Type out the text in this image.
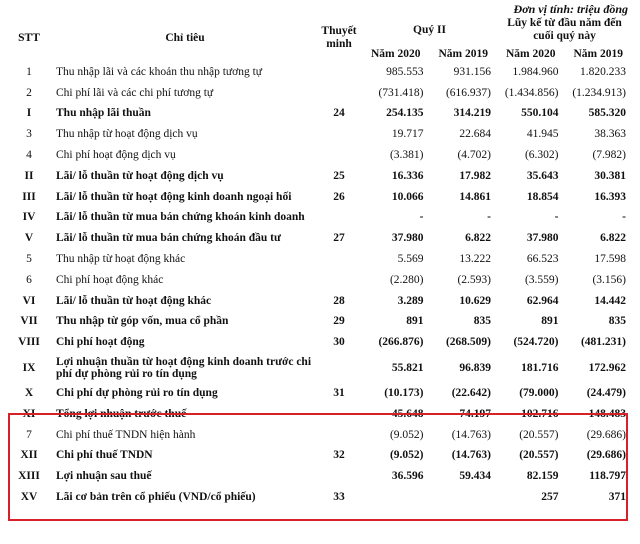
Đơn vị tính: triệu đồng
STT	Chỉ tiêu	Thuyết minh	Quý II		Lũy kế từ đầu năm đến cuối quý này	
			Năm 2020	Năm 2019	Năm 2020	Năm 2019
1	Thu nhập lãi và các khoản thu nhập tương tự		985.553	931.156	1.984.960	1.820.233
2	Chi phí lãi và các chi phí tương tự		(731.418)	(616.937)	(1.434.856)	(1.234.913)
I	Thu nhập lãi thuần	24	254.135	314.219	550.104	585.320
3	Thu nhập từ hoạt động dịch vụ		19.717	22.684	41.945	38.363
4	Chi phí hoạt động dịch vụ		(3.381)	(4.702)	(6.302)	(7.982)
II	Lãi/ lỗ thuần từ hoạt động dịch vụ	25	16.336	17.982	35.643	30.381
III	Lãi/ lỗ thuần từ hoạt động kinh doanh ngoại hối	26	10.066	14.861	18.854	16.393
IV	Lãi/ lỗ thuần từ mua bán chứng khoán kinh doanh		-	-	-	-
V	Lãi/ lỗ thuần từ mua bán chứng khoán đầu tư	27	37.980	6.822	37.980	6.822
5	Thu nhập từ hoạt động khác		5.569	13.222	66.523	17.598
6	Chi phí hoạt động khác		(2.280)	(2.593)	(3.559)	(3.156)
VI	Lãi/ lỗ thuần từ hoạt động khác	28	3.289	10.629	62.964	14.442
VII	Thu nhập từ góp vốn, mua cổ phần	29	891	835	891	835
VIII	Chi phí hoạt động	30	(266.876)	(268.509)	(524.720)	(481.231)
IX	Lợi nhuận thuần từ hoạt động kinh doanh trước chi phí dự phòng rủi ro tín dụng		55.821	96.839	181.716	172.962
X	Chi phí dự phòng rủi ro tín dụng	31	(10.173)	(22.642)	(79.000)	(24.479)
XI	Tổng lợi nhuận trước thuế		45.648	74.197	102.716	148.483
7	Chi phí thuế TNDN hiện hành		(9.052)	(14.763)	(20.557)	(29.686)
XII	Chi phí thuế TNDN	32	(9.052)	(14.763)	(20.557)	(29.686)
XIII	Lợi nhuận sau thuế		36.596	59.434	82.159	118.797
XV	Lãi cơ bản trên cổ phiếu (VND/cổ phiếu)	33			257	371
